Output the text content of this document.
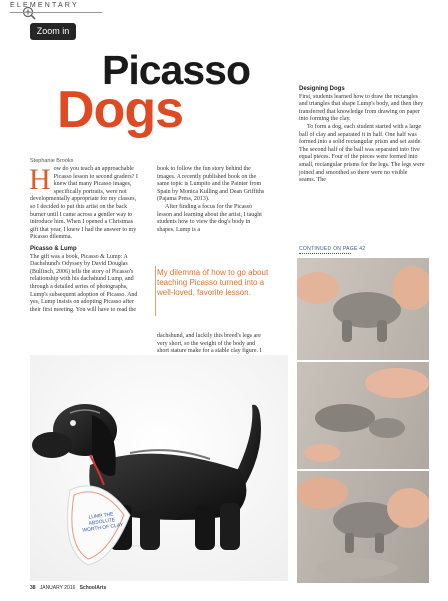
ELEMENTARY
Zoom in
Picasso
Dogs
Stephanie Brooks

How do you teach an approachable Picasso lesson to second graders? I knew that many Picasso images, specifically portraits, were not developmentally appropriate for my classes, so I decided to put this artist on the back burner until I came across a gentler way to introduce him. When I opened a Christmas gift that year, I knew I had the answer to my Picasso dilemma.

Picasso & Lump

The gift was a book, Picasso & Lump: A Dachshund's Odyssey by David Douglas (Bulfinch, 2006) tells the story of Picasso's relationship with his dachshund Lump, and through a detailed series of photographs, Lump's subsequent adoption of Picasso. And yes, Lump insists on adopting Picasso after their first meeting. You will have to read the

book to follow the fun story behind the images. A recently published book on the same topic is Lumpito and the Painter from Spain by Monica Kulling and Dean Griffiths (Pajama Press, 2013).

After finding a focus for the Picasso lesson and learning about the artist, I taught students how to view the dog's body in shapes. Lump is a

My dilemma of how to go about teaching Picasso turned into a well-loved, favorite lesson.

dachshund, and luckily this breed's legs are very short, so the weight of the body and short stature make for a stable clay figure. I

Designing Dogs

First, students learned how to draw the rectangles and triangles that shape Lump's body, and then they transferred that knowledge from drawing on paper into forming the clay.

To form a dog, each student started with a large ball of clay and separated it in half. One half was formed into a solid rectangular prism and set aside. The second half of the ball was separated into five equal pieces. Four of the pieces were formed into small, rectangular prisms for the legs. The legs were joined and smoothed so there were no visible seams. The

CONTINUED ON PAGE 42
LUMP THE ABSOLUTE WORTH OF CLAY
38 JANUARY 2016 SchoolArts
